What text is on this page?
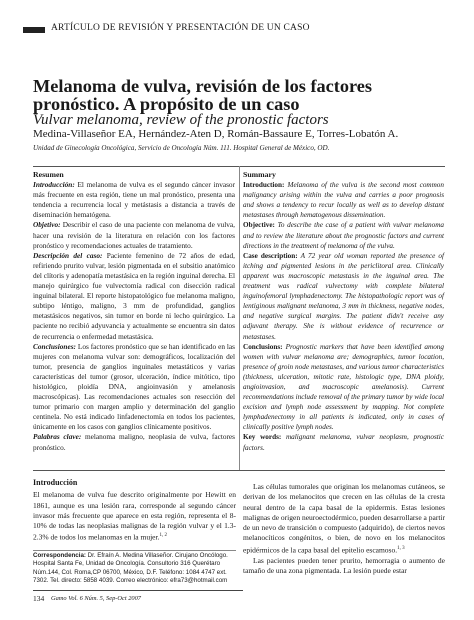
ARTÍCULO DE REVISIÓN Y PRESENTACIÓN DE UN CASO
Melanoma de vulva, revisión de los factores pronóstico. A propósito de un caso
Vulvar melanoma, review of the pronostic factors
Medina-Villaseñor EA, Hernández-Aten D, Román-Bassaure E, Torres-Lobatón A.
Unidad de Ginecología Oncológica, Servicio de Oncología Núm. 111. Hospital General de México, OD.

Resumen

Introducción: El melanoma de vulva es el segundo cáncer invasor más frecuente en esta región, tiene un mal pronóstico, presenta una tendencia a recurrencia local y metástasis a distancia a través de diseminación hematógena.

Objetivo: Describir el caso de una paciente con melanoma de vulva, hacer una revisión de la literatura en relación con los factores pronóstico y recomendaciones actuales de tratamiento.

Descripción del caso: Paciente femenino de 72 años de edad, refiriendo prurito vulvar, lesión pigmentada en el subsitio anatómico del clítoris y adenopatía metastásica en la región inguinal derecha. El manejo quirúrgico fue vulvectomía radical con disección radical inguinal bilateral. El reporte histopatológico fue melanoma maligno, subtipo léntigo, maligno, 3 mm de profundidad, ganglios metastásicos negativos, sin tumor en borde ni lecho quirúrgico. La paciente no recibió adyuvancia y actualmente se encuentra sin datos de recurrencia o enfermedad metastásica.

Conclusiones: Los factores pronóstico que se han identificado en las mujeres con melanoma vulvar son: demográficos, localización del tumor, presencia de ganglios inguinales metastáticos y varias características del tumor (grosor, ulceración, índice mitótico, tipo histológico, ploidía DNA, angioinvasión y amelanosis macroscópicas). Las recomendaciones actuales son resección del tumor primario con margen amplio y determinación del ganglio centinela. No está indicado linfadenectomía en todos los pacientes, únicamente en los casos con ganglios clínicamente positivos.

Palabras clave: melanoma maligno, neoplasia de vulva, factores pronóstico.

Summary

Introduction: Melanoma of the vulva is the second most common malignancy arising within the vulva and carries a poor prognosis and shows a tendency to recur locally as well as to develop distant metastases through hematogenous dissemination.

Objective: To describe the case of a patient with vulvar melanoma and to review the literature about the prognostic factors and current directions in the treatment of melanoma of the vulva.

Case description: A 72 year old woman reported the presence of itching and pigmented lesions in the periclitoral area. Clinically apparent was macroscopic metastasis in the inguinal area. The treatment was radical vulvectomy with complete bilateral inguinofemoral lymphadenectomy. The histopathologic report was of lentiginous malignant melanoma, 3 mm in thickness, negative nodes, and negative surgical margins. The patient didn't receive any adjuvant therapy. She is without evidence of recurrence or metastases.

Conclusions: Prognostic markers that have been identified among women with vulvar melanoma are; demographics, tumor location, presence of groin node metastases, and various tumor characteristics (thickness, ulceration, mitotic rate, histologic type, DNA ploidy, angioinvasion, and macroscopic amelanosis). Current recommendations include removal of the primary tumor by wide local excision and lymph node assessment by mapping. Not complete lymphadenectomy in all patients is indicated, only in cases of clinically positive lymph nodes.

Key words: malignant melanoma, vulvar neoplasm, prognostic factors.

Introducción
El melanoma de vulva fue descrito originalmente por Hewitt en 1861, aunque es una lesión rara, corresponde al segundo cáncer invasor más frecuente que aparece en esta región, representa el 8-10% de todas las neoplasias malignas de la región vulvar y el 1.3-2.3% de todos los melanomas en la mujer.$^{1, 2}$
Correspondencia: Dr. Efraín A. Medina Villaseñor. Cirujano Oncólogo. Hospital Santa Fe, Unidad de Oncología. Consultorio 316 Querétaro Núm.144, Col. Roma,CP 06700, México, D.F. Teléfono: 1084 4747 ext. 7302. Tel. directo: 5858 4039. Correo electrónico: efra73@hotmail.com

Las células tumorales que originan los melanomas cutáneos, se derivan de los melanocitos que crecen en las células de la cresta neural dentro de la capa basal de la epidermis. Estas lesiones malignas de origen neuroectodérmico, pueden desarrollarse a partir de un nevo de transición o compuesto (adquirido), de ciertos nevos melanocíticos congénitos, o bien, de novo en los melanocitos epidérmicos de la capa basal del epitelio escamoso.$^{1, 3}$

Las pacientes pueden tener prurito, hemorragia o aumento de tamaño de una zona pigmentada. La lesión puede estar

134 Gamo Vol. 6 Núm. 5, Sep-Oct 2007
